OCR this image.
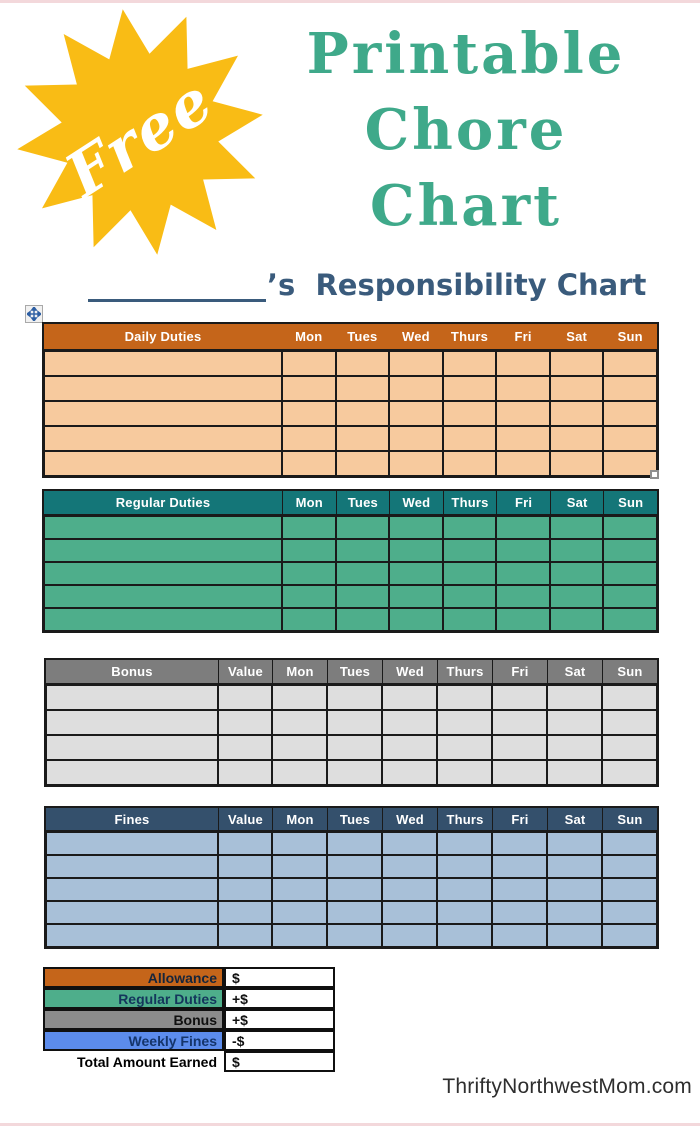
Free
Printable
Chore
Chart
’s  Responsibility Chart
Daily Duties	Mon	Tues	Wed	Thurs	Fri	Sat	Sun
Regular Duties	Mon	Tues	Wed	Thurs	Fri	Sat	Sun
Bonus	Value	Mon	Tues	Wed	Thurs	Fri	Sat	Sun
Fines	Value	Mon	Tues	Wed	Thurs	Fri	Sat	Sun
Allowance	$
Regular Duties	+$
Bonus	+$
Weekly Fines	-$
Total Amount Earned	$
ThriftyNorthwestMom.com
